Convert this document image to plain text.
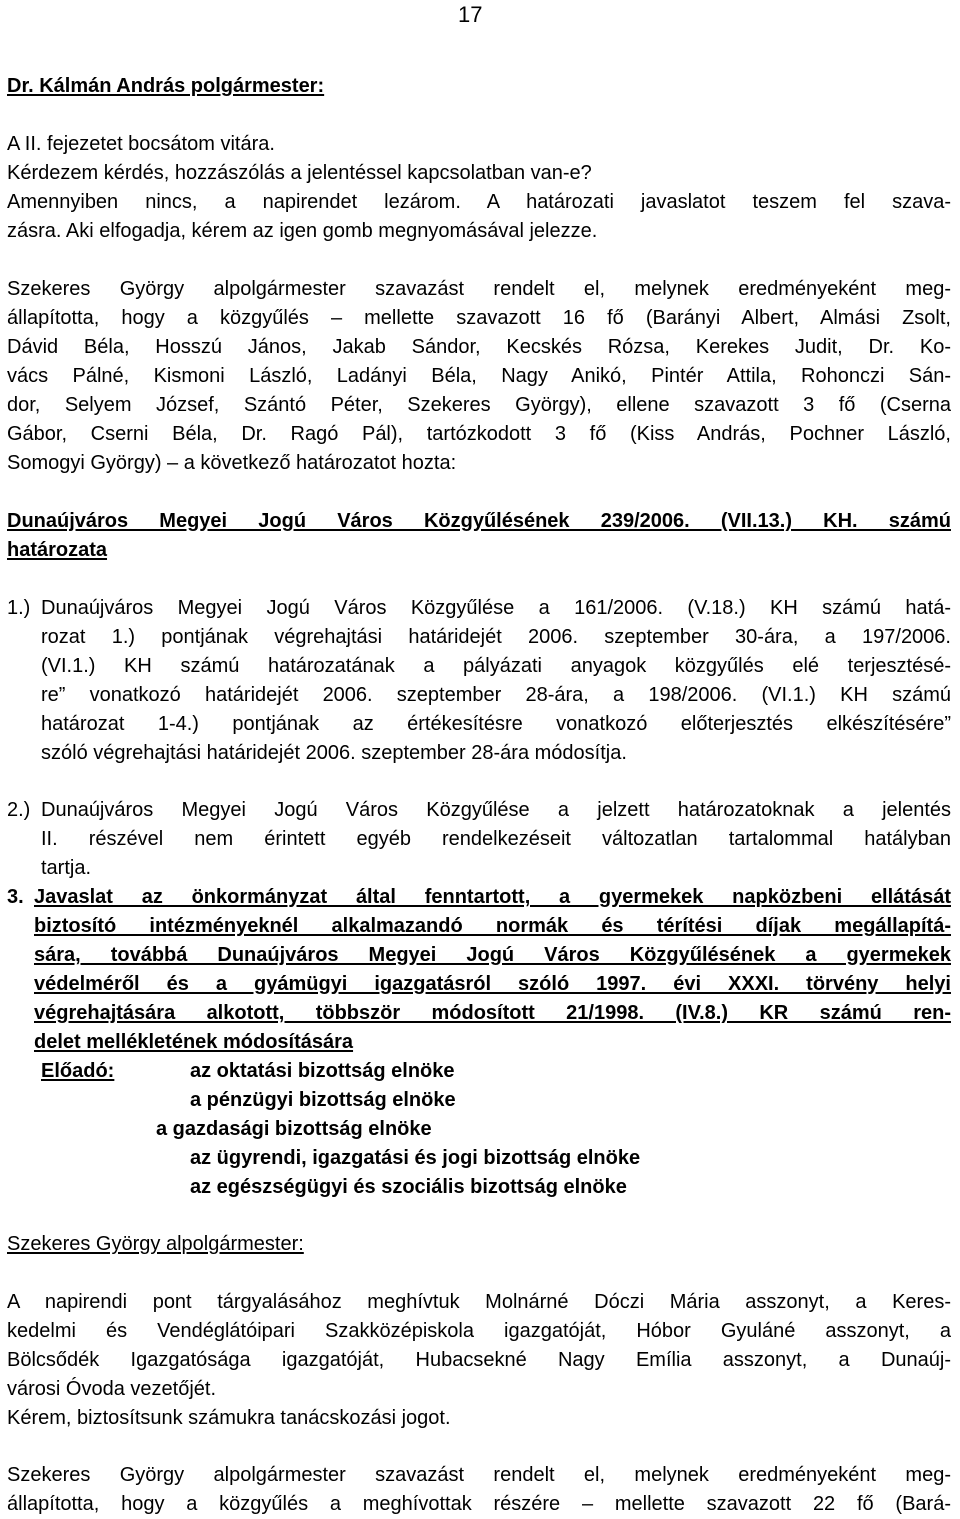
17
Dr. Kálmán András polgármester:
A II. fejezetet bocsátom vitára.
Kérdezem kérdés, hozzászólás a jelentéssel kapcsolatban van-e?
Amennyiben nincs, a napirendet lezárom. A határozati javaslatot teszem fel szava-
zásra. Aki elfogadja, kérem az igen gomb megnyomásával jelezze.
Szekeres György alpolgármester szavazást rendelt el, melynek eredményeként meg-
állapította, hogy a közgyűlés – mellette szavazott 16 fő (Barányi Albert, Almási Zsolt,
Dávid Béla, Hosszú János, Jakab Sándor, Kecskés Rózsa, Kerekes Judit, Dr. Ko-
vács Pálné, Kismoni László, Ladányi Béla, Nagy Anikó, Pintér Attila, Rohonczi Sán-
dor, Selyem József, Szántó Péter, Szekeres György), ellene szavazott 3 fő (Cserna
Gábor, Cserni Béla, Dr. Ragó Pál), tartózkodott 3 fő (Kiss András, Pochner László,
Somogyi György) – a következő határozatot hozta:
Dunaújváros Megyei Jogú Város Közgyűlésének 239/2006. (VII.13.) KH. számú
határozata
1.) Dunaújváros Megyei Jogú Város Közgyűlése a 161/2006. (V.18.) KH számú hatá-
rozat 1.) pontjának végrehajtási határidejét 2006. szeptember 30-ára, a 197/2006.
(VI.1.) KH számú határozatának a pályázati anyagok közgyűlés elé terjesztésé-
re” vonatkozó határidejét 2006. szeptember 28-ára, a 198/2006. (VI.1.) KH számú
határozat 1-4.) pontjának az értékesítésre vonatkozó előterjesztés elkészítésére”
szóló végrehajtási határidejét 2006. szeptember 28-ára módosítja.
2.) Dunaújváros Megyei Jogú Város Közgyűlése a jelzett határozatoknak a jelentés
II. részével nem érintett egyéb rendelkezéseit változatlan tartalommal hatályban
tartja.
3. Javaslat az önkormányzat által fenntartott, a gyermekek napközbeni ellátását
biztosító intézményeknél alkalmazandó normák és térítési díjak megállapítá-
sára, továbbá Dunaújváros Megyei Jogú Város Közgyűlésének a gyermekek
védelméről és a gyámügyi igazgatásról szóló 1997. évi XXXI. törvény helyi
végrehajtására alkotott, többször módosított 21/1998. (IV.8.) KR számú ren-
delet mellékletének módosítására
Előadó:	az oktatási bizottság elnöke
a pénzügyi bizottság elnöke
a gazdasági bizottság elnöke
az ügyrendi, igazgatási és jogi bizottság elnöke
az egészségügyi és szociális bizottság elnöke
Szekeres György alpolgármester:
A napirendi pont tárgyalásához meghívtuk Molnárné Dóczi Mária asszonyt, a Keres-
kedelmi és Vendéglátóipari Szakközépiskola igazgatóját, Hóbor Gyuláné asszonyt, a
Bölcsődék Igazgatósága igazgatóját, Hubacsekné Nagy Emília asszonyt, a Dunaúj-
városi Óvoda vezetőjét.
Kérem, biztosítsunk számukra tanácskozási jogot.
Szekeres György alpolgármester szavazást rendelt el, melynek eredményeként meg-
állapította, hogy a közgyűlés a meghívottak részére – mellette szavazott 22 fő (Bará-
